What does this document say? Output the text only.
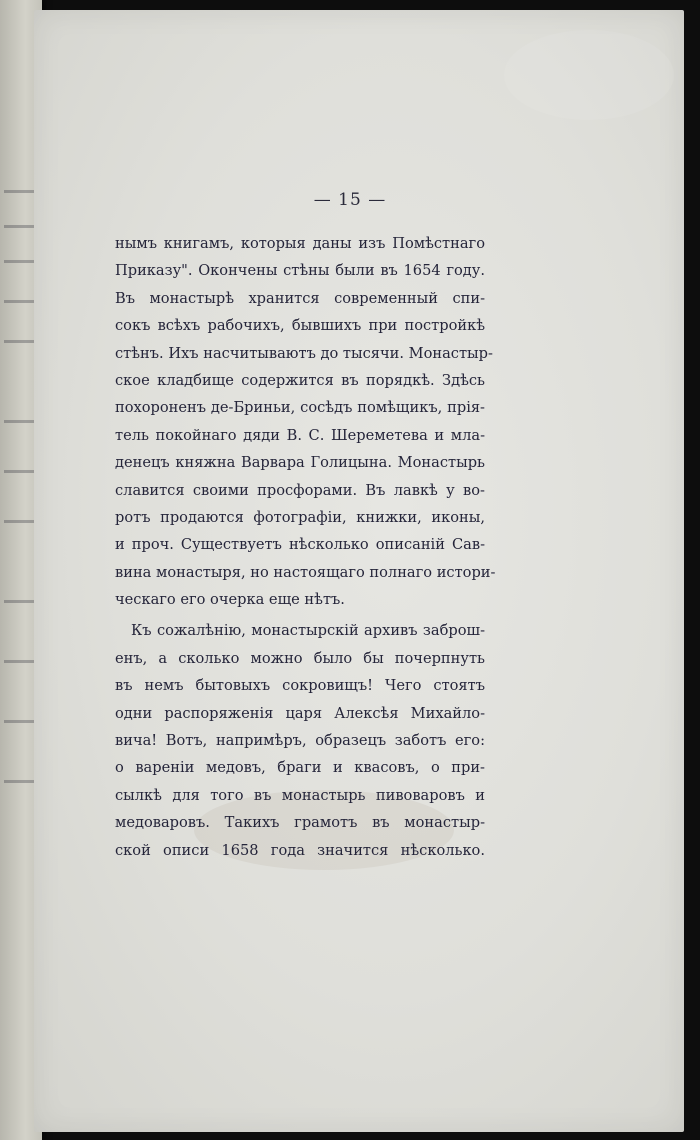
— 15 —
нымъ книгамъ, которыя даны изъ Помѣстнаго
Приказу". Окончены стѣны были въ 1654 году.
Въ монастырѣ хранится современный спи-
сокъ всѣхъ рабочихъ, бывшихъ при постройкѣ
стѣнъ. Ихъ насчитываютъ до тысячи. Монастыр-
ское кладбище содержится въ порядкѣ. Здѣсь
похороненъ де-Бриньи, сосѣдъ помѣщикъ, прія-
тель покойнаго дяди В. С. Шереметева и мла-
денецъ княжна Варвара Голицына. Монастырь
славится своими просфорами. Въ лавкѣ у во-
ротъ продаются фотографіи, книжки, иконы,
и проч. Существуетъ нѣсколько описаній Сав-
вина монастыря, но настоящаго полнаго истори-
ческаго его очерка еще нѣтъ.
Къ сожалѣнію, монастырскій архивъ заброш-
енъ, а сколько можно было бы почерпнуть
въ немъ бытовыхъ сокровищъ! Чего стоятъ
одни распоряженія царя Алексѣя Михайло-
вича! Вотъ, напримѣръ, образецъ заботъ его:
о вареніи медовъ, браги и квасовъ, о при-
сылкѣ для того въ монастырь пивоваровъ и
медоваровъ. Такихъ грамотъ въ монастыр-
ской описи 1658 года значится нѣсколько.
